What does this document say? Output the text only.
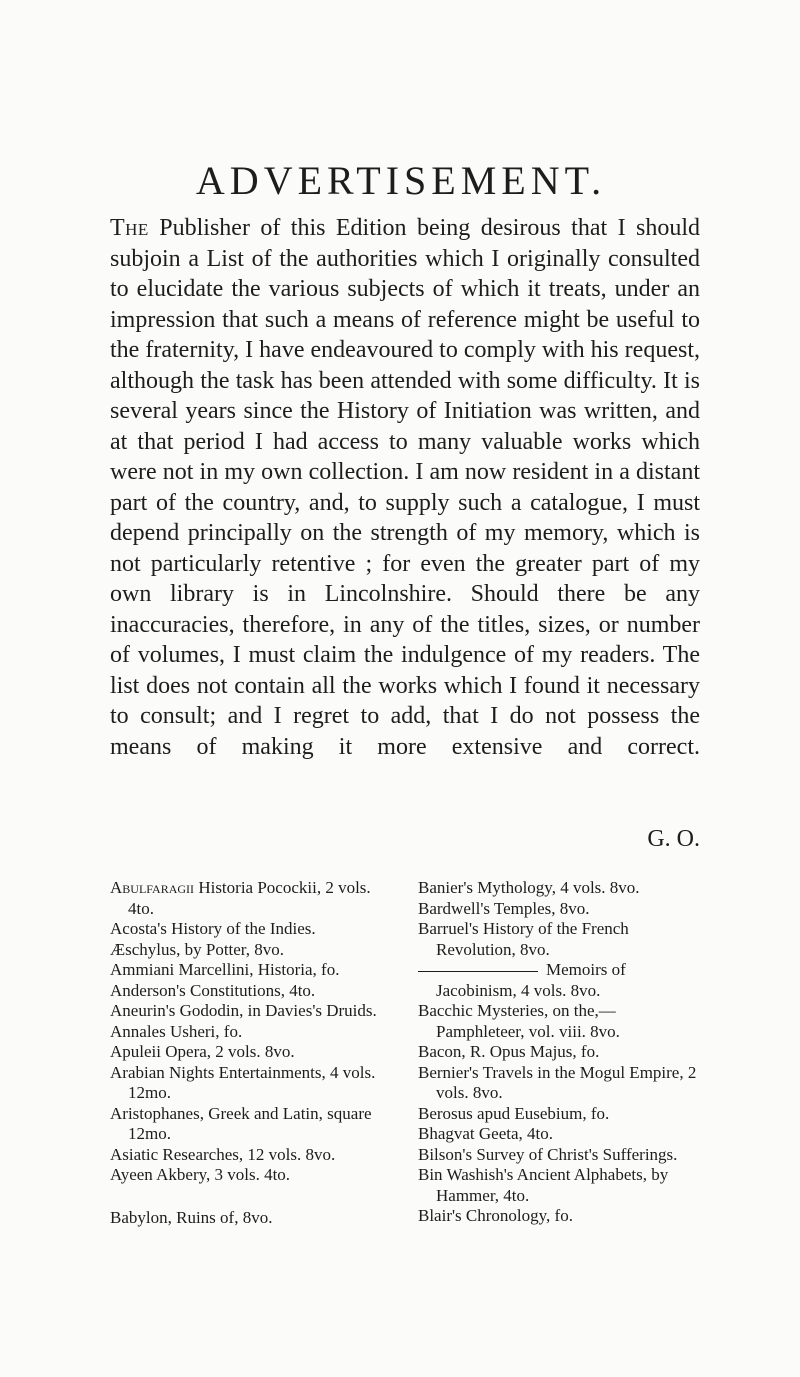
ADVERTISEMENT.

The Publisher of this Edition being desirous that I should subjoin a List of the authorities which I originally consulted to elucidate the various subjects of which it treats, under an impression that such a means of reference might be useful to the fraternity, I have endeavoured to comply with his request, although the task has been attended with some difficulty. It is several years since the History of Initiation was written, and at that period I had access to many valuable works which were not in my own collection. I am now resident in a distant part of the country, and, to supply such a catalogue, I must depend principally on the strength of my memory, which is not particularly retentive ; for even the greater part of my own library is in Lincolnshire. Should there be any inaccuracies, therefore, in any of the titles, sizes, or number of volumes, I must claim the indulgence of my readers. The list does not contain all the works which I found it necessary to consult; and I regret to add, that I do not possess the means of making it more extensive and correct.

G. O.

Abulfaragii Historia Pocockii, 2 vols. 4to.

Acosta's History of the Indies.

Æschylus, by Potter, 8vo.

Ammiani Marcellini, Historia, fo.

Anderson's Constitutions, 4to.

Aneurin's Gododin, in Davies's Druids.

Annales Usheri, fo.

Apuleii Opera, 2 vols. 8vo.

Arabian Nights Entertainments, 4 vols. 12mo.

Aristophanes, Greek and Latin, square 12mo.

Asiatic Researches, 12 vols. 8vo.

Ayeen Akbery, 3 vols. 4to.

Babylon, Ruins of, 8vo.

Banier's Mythology, 4 vols. 8vo.

Bardwell's Temples, 8vo.

Barruel's History of the French Revolution, 8vo.

Memoirs of Jacobinism, 4 vols. 8vo.

Bacchic Mysteries, on the,—Pamphleteer, vol. viii. 8vo.

Bacon, R. Opus Majus, fo.

Bernier's Travels in the Mogul Empire, 2 vols. 8vo.

Berosus apud Eusebium, fo.

Bhagvat Geeta, 4to.

Bilson's Survey of Christ's Sufferings.

Bin Washish's Ancient Alphabets, by Hammer, 4to.

Blair's Chronology, fo.
